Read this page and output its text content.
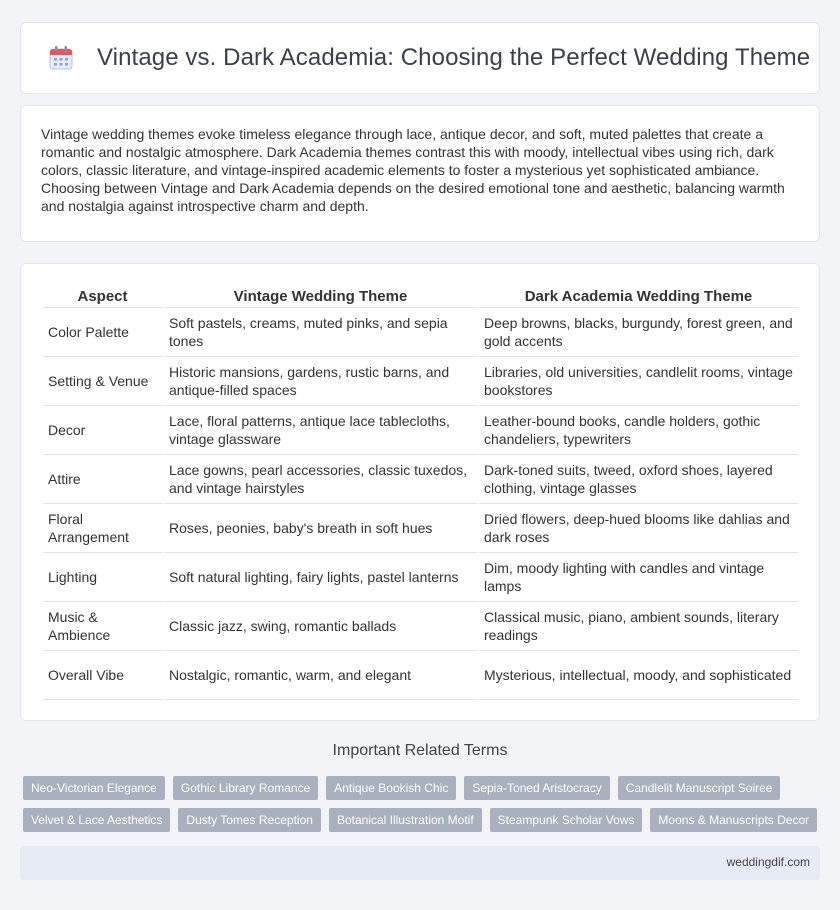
Vintage vs. Dark Academia: Choosing the Perfect Wedding Theme

Vintage wedding themes evoke timeless elegance through lace, antique decor, and soft, muted palettes that create a romantic and nostalgic atmosphere. Dark Academia themes contrast this with moody, intellectual vibes using rich, dark colors, classic literature, and vintage-inspired academic elements to foster a mysterious yet sophisticated ambiance. Choosing between Vintage and Dark Academia depends on the desired emotional tone and aesthetic, balancing warmth and nostalgia against introspective charm and depth.

Aspect	Vintage Wedding Theme	Dark Academia Wedding Theme
Color Palette	Soft pastels, creams, muted pinks, and sepia tones	Deep browns, blacks, burgundy, forest green, and gold accents
Setting & Venue	Historic mansions, gardens, rustic barns, and antique-filled spaces	Libraries, old universities, candlelit rooms, vintage bookstores
Decor	Lace, floral patterns, antique lace tablecloths, vintage glassware	Leather-bound books, candle holders, gothic chandeliers, typewriters
Attire	Lace gowns, pearl accessories, classic tuxedos, and vintage hairstyles	Dark-toned suits, tweed, oxford shoes, layered clothing, vintage glasses
Floral Arrangement	Roses, peonies, baby's breath in soft hues	Dried flowers, deep-hued blooms like dahlias and dark roses
Lighting	Soft natural lighting, fairy lights, pastel lanterns	Dim, moody lighting with candles and vintage lamps
Music & Ambience	Classic jazz, swing, romantic ballads	Classical music, piano, ambient sounds, literary readings
Overall Vibe	Nostalgic, romantic, warm, and elegant	Mysterious, intellectual, moody, and sophisticated
Important Related Terms
Neo-Victorian Elegance	Gothic Library Romance	Antique Bookish Chic	Sepia-Toned Aristocracy	Candlelit Manuscript Soiree
Velvet & Lace Aesthetics	Dusty Tomes Reception	Botanical Illustration Motif	Steampunk Scholar Vows	Moons & Manuscripts Decor
weddingdif.com
